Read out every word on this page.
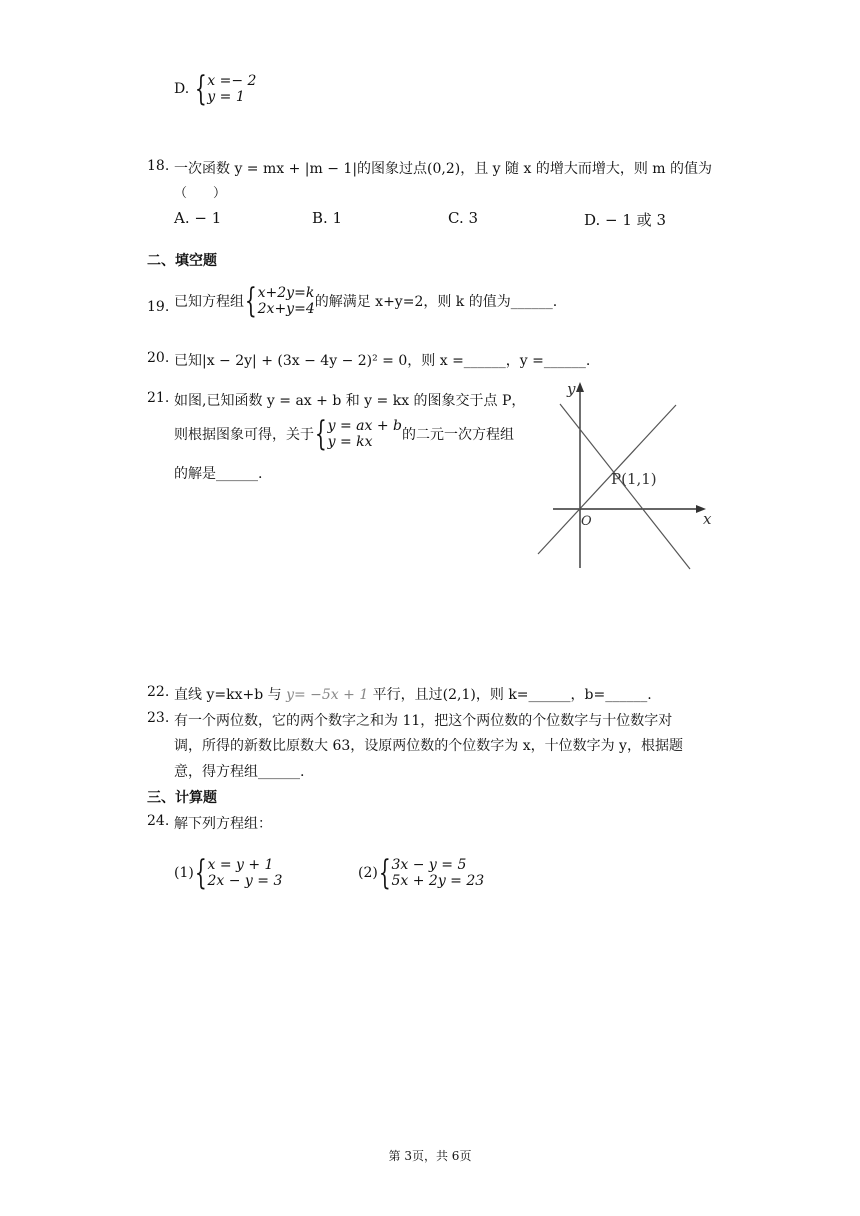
D. { x =− 2
y = 1
18. 一次函数 y = mx + |m − 1|的图象过点(0,2)，且 y 随 x 的增大而增大，则 m 的值为
（　　）
A. − 1	B. 1	C. 3	D. − 1 或 3
二、填空题
19. 已知方程组 { x+2y=k
2x+y=4 的解满足 x+y=2，则 k 的值为______.
20. 已知|x − 2y| + (3x − 4y − 2)² = 0，则 x =______，y =______.
21. 如图,已知函数 y = ax + b 和 y = kx 的图象交于点 P，
则根据图象可得，关于 { y = ax + b
y = kx	的二元一次方程组
的解是______.
y
x
O
P(1,1)
22. 直线 y=kx+b 与 y= −5x + 1 平行，且过(2,1)，则 k=______，b=______.
23. 有一个两位数，它的两个数字之和为 11，把这个两位数的个位数字与十位数字对
调，所得的新数比原数大 63，设原两位数的个位数字为 x，十位数字为 y，根据题
意，得方程组______.
三、计算题
24. 解下列方程组：
(1) { x = y + 1
2x − y = 3	(2) { 3x − y = 5
5x + 2y = 23
第 3页，共 6页
